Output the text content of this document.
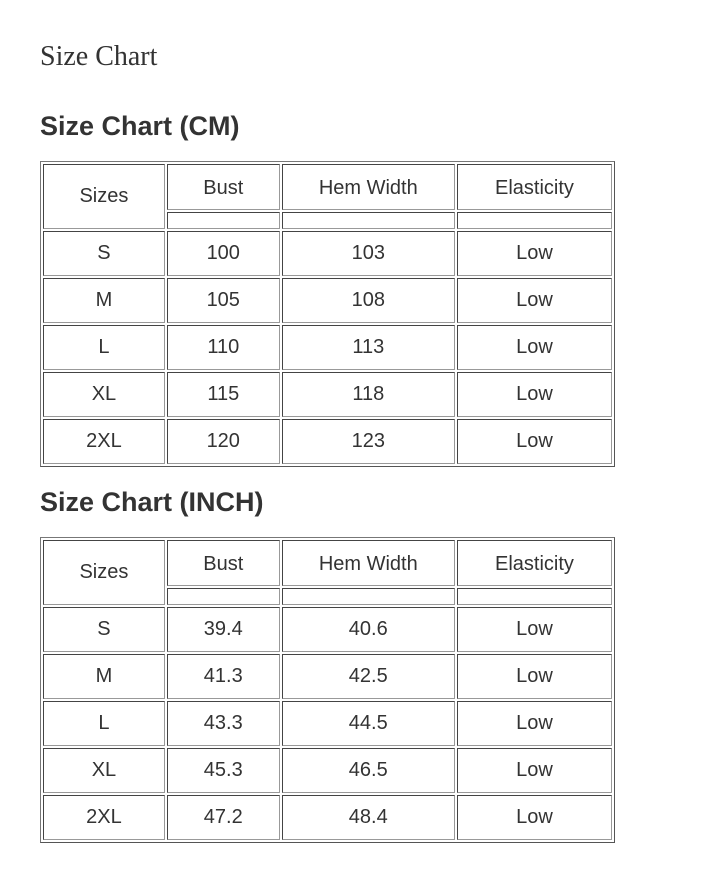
Size Chart
Size Chart (CM)
Sizes	Bust	Hem Width	Elasticity

S	100	103	Low
M	105	108	Low
L	110	113	Low
XL	115	118	Low
2XL	120	123	Low
Size Chart (INCH)
Sizes	Bust	Hem Width	Elasticity

S	39.4	40.6	Low
M	41.3	42.5	Low
L	43.3	44.5	Low
XL	45.3	46.5	Low
2XL	47.2	48.4	Low
